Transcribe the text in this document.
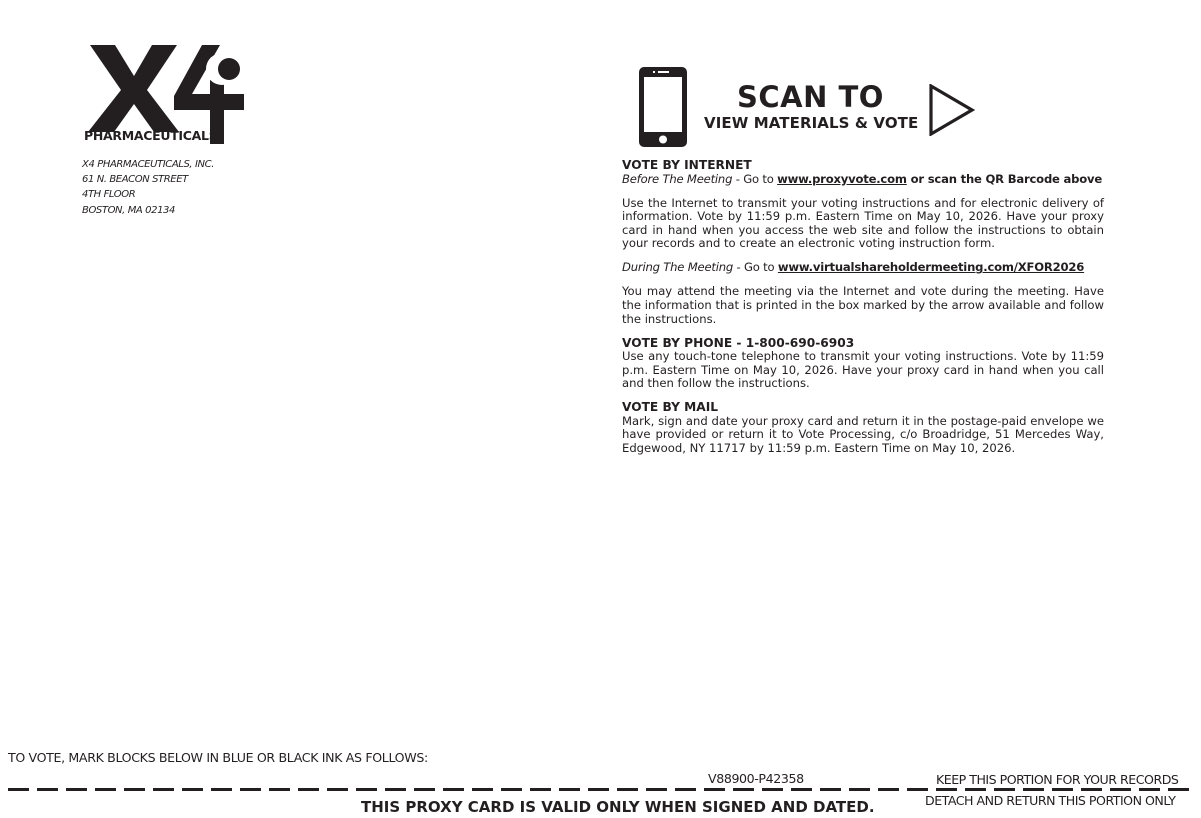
PHARMACEUTICALS
X4 PHARMACEUTICALS, INC.
61 N. BEACON STREET
4TH FLOOR
BOSTON, MA 02134
SCAN TO
VIEW MATERIALS & VOTE
VOTE BY INTERNET
Before The Meeting - Go to www.proxyvote.com or scan the QR Barcode above

Use the Internet to transmit your voting instructions and for electronic delivery of information. Vote by 11:59 p.m. Eastern Time on May 10, 2026. Have your proxy card in hand when you access the web site and follow the instructions to obtain your records and to create an electronic voting instruction form.

During The Meeting - Go to www.virtualshareholdermeeting.com/XFOR2026

You may attend the meeting via the Internet and vote during the meeting. Have the information that is printed in the box marked by the arrow available and follow the instructions.

VOTE BY PHONE - 1-800-690-6903

Use any touch-tone telephone to transmit your voting instructions. Vote by 11:59 p.m. Eastern Time on May 10, 2026. Have your proxy card in hand when you call and then follow the instructions.

VOTE BY MAIL

Mark, sign and date your proxy card and return it in the postage-paid envelope we have provided or return it to Vote Processing, c/o Broadridge, 51 Mercedes Way, Edgewood, NY 11717 by 11:59 p.m. Eastern Time on May 10, 2026.

TO VOTE, MARK BLOCKS BELOW IN BLUE OR BLACK INK AS FOLLOWS:
V88900-P42358	KEEP THIS PORTION FOR YOUR RECORDS
DETACH AND RETURN THIS PORTION ONLY
THIS PROXY CARD IS VALID ONLY WHEN SIGNED AND DATED.
